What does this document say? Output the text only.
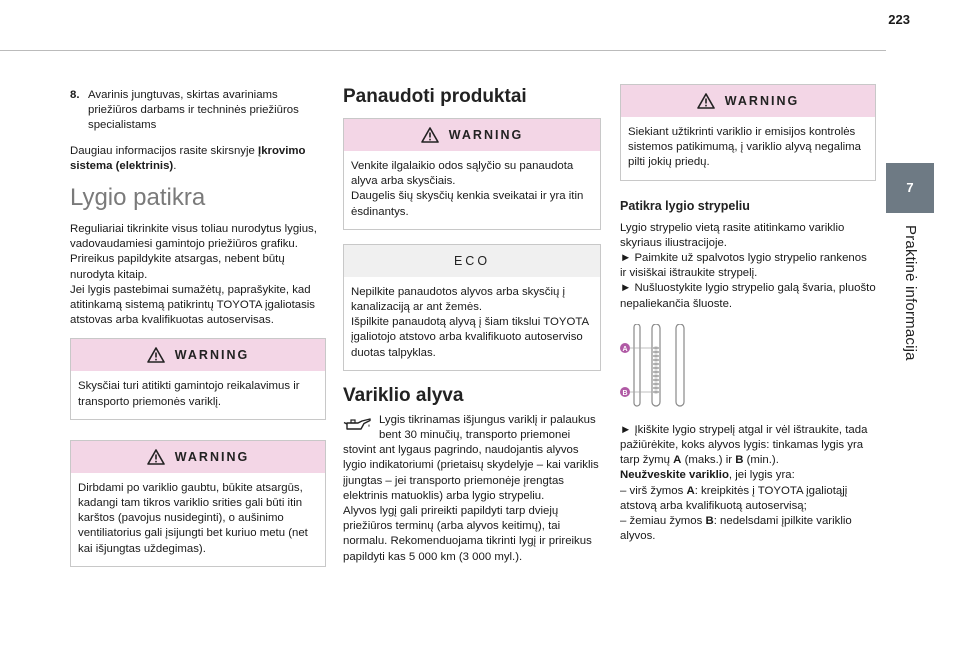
223
7
Praktinė informacija
8. Avarinis jungtuvas, skirtas avariniams priežiūros darbams ir techninės priežiūros specialistams

Daugiau informacijos rasite skirsnyje Įkrovimo sistema (elektrinis).

Lygio patikra

Reguliariai tikrinkite visus toliau nurodytus lygius, vadovaudamiesi gamintojo priežiūros grafiku. Prireikus papildykite atsargas, nebent būtų nurodyta kitaip.
Jei lygis pastebimai sumažėtų, paprašykite, kad atitinkamą sistemą patikrintų TOYOTA įgaliotasis atstovas arba kvalifikuotas autoservisas.

WARNING
Skysčiai turi atitikti gamintojo reikalavimus ir transporto priemonės variklį.
WARNING
Dirbdami po variklio gaubtu, būkite atsargūs, kadangi tam tikros variklio srities gali būti itin karštos (pavojus nusideginti), o aušinimo ventiliatorius gali įsijungti bet kuriuo metu (net kai išjungtas uždegimas).
Panaudoti produktai
WARNING
Venkite ilgalaikio odos sąlyčio su panaudota alyva arba skysčiais.
Daugelis šių skysčių kenkia sveikatai ir yra itin ėsdinantys.
ECO
Nepilkite panaudotos alyvos arba skysčių į kanalizaciją ar ant žemės.
Išpilkite panaudotą alyvą į šiam tikslui TOYOTA įgaliotojo atstovo arba kvalifikuoto autoserviso duotas talpyklas.
Variklio alyva
Lygis tikrinamas išjungus variklį ir palaukus bent 30 minučių, transporto priemonei stovint ant lygaus pagrindo, naudojantis alyvos lygio indikatoriumi (prietaisų skydelyje – kai variklis įjungtas – jei transporto priemonėje įrengtas elektrinis matuoklis) arba lygio strypeliu.
Alyvos lygį gali prireikti papildyti tarp dviejų priežiūros terminų (arba alyvos keitimų), tai normalu. Rekomenduojama tikrinti lygį ir prireikus papildyti kas 5 000 km (3 000 myl.).
WARNING
Siekiant užtikrinti variklio ir emisijos kontrolės sistemos patikimumą, į variklio alyvą negalima pilti jokių priedų.
Patikra lygio strypeliu

Lygio strypelio vietą rasite atitinkamo variklio skyriaus iliustracijoje.
► Paimkite už spalvotos lygio strypelio rankenos ir visiškai ištraukite strypelį.
► Nušluostykite lygio strypelio galą švaria, pluošto nepaliekančia šluoste.

A
B

► Įkiškite lygio strypelį atgal ir vėl ištraukite, tada pažiūrėkite, koks alyvos lygis: tinkamas lygis yra tarp žymų A (maks.) ir B (min.).
Neužveskite variklio, jei lygis yra:
– virš žymos A: kreipkitės į TOYOTA įgaliotąjį atstovą arba kvalifikuotą autoservisą;
– žemiau žymos B: nedelsdami įpilkite variklio alyvos.
